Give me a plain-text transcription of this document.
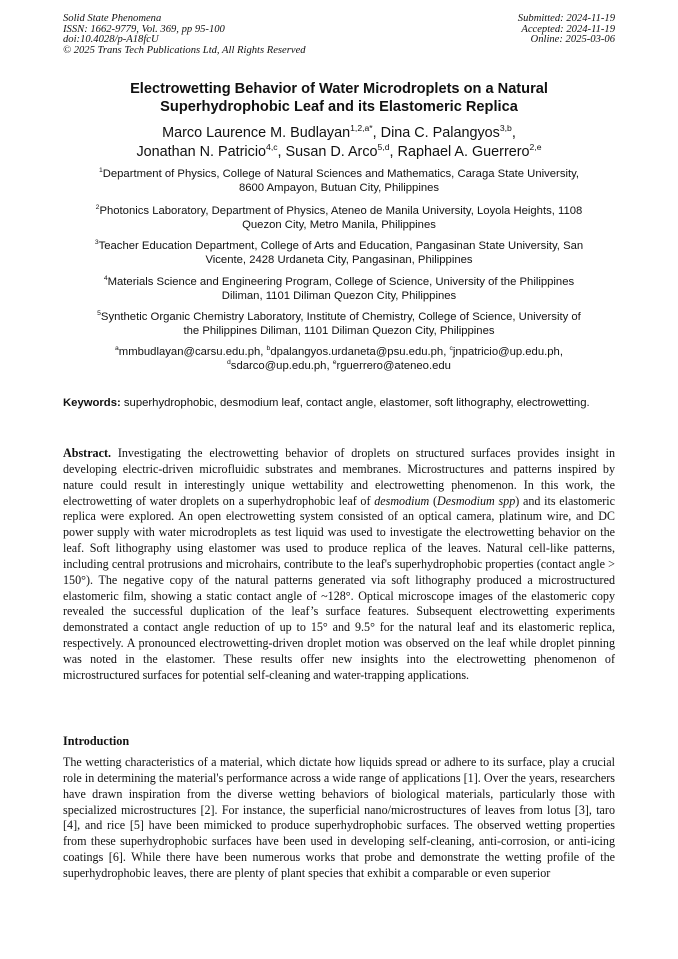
Solid State Phenomena
ISSN: 1662-9779, Vol. 369, pp 95-100
doi:10.4028/p-A18fcU
© 2025 Trans Tech Publications Ltd, All Rights Reserved
Submitted: 2024-11-19
Accepted: 2024-11-19
Online: 2025-03-06
Electrowetting Behavior of Water Microdroplets on a Natural
Superhydrophobic Leaf and its Elastomeric Replica
Marco Laurence M. Budlayan$^{1,2,a*}$, Dina C. Palangyos$^{3,b}$,
Jonathan N. Patricio$^{4,c}$, Susan D. Arco$^{5,d}$, Raphael A. Guerrero$^{2,e}$
$^1$Department of Physics, College of Natural Sciences and Mathematics, Caraga State University,
8600 Ampayon, Butuan City, Philippines
$^2$Photonics Laboratory, Department of Physics, Ateneo de Manila University, Loyola Heights, 1108
Quezon City, Metro Manila, Philippines
$^3$Teacher Education Department, College of Arts and Education, Pangasinan State University, San
Vicente, 2428 Urdaneta City, Pangasinan, Philippines
$^4$Materials Science and Engineering Program, College of Science, University of the Philippines
Diliman, 1101 Diliman Quezon City, Philippines
$^5$Synthetic Organic Chemistry Laboratory, Institute of Chemistry, College of Science, University of
the Philippines Diliman, 1101 Diliman Quezon City, Philippines
$^a$mmbudlayan@carsu.edu.ph, $^b$dpalangyos.urdaneta@psu.edu.ph, $^c$jnpatricio@up.edu.ph,
$^d$sdarco@up.edu.ph, $^e$rguerrero@ateneo.edu
Keywords: superhydrophobic, desmodium leaf, contact angle, elastomer, soft lithography, electrowetting.
Abstract. Investigating the electrowetting behavior of droplets on structured surfaces provides insight in developing electric-driven microfluidic substrates and membranes. Microstructures and patterns inspired by nature could result in interestingly unique wettability and electrowetting phenomenon. In this work, the electrowetting of water droplets on a superhydrophobic leaf of desmodium (Desmodium spp) and its elastomeric replica were explored. An open electrowetting system consisted of an optical camera, platinum wire, and DC power supply with water microdroplets as test liquid was used to investigate the electrowetting behavior on the leaf. Soft lithography using elastomer was used to produce replica of the leaves. Natural cell-like patterns, including central protrusions and microhairs, contribute to the leaf's superhydrophobic properties (contact angle > 150°). The negative copy of the natural patterns generated via soft lithography produced a microstructured elastomeric film, showing a static contact angle of ~128°. Optical microscope images of the elastomeric copy revealed the successful duplication of the leaf’s surface features. Subsequent electrowetting experiments demonstrated a contact angle reduction of up to 15° and 9.5° for the natural leaf and its elastomeric replica, respectively. A pronounced electrowetting-driven droplet motion was observed on the leaf while droplet pinning was noted in the elastomer. These results offer new insights into the electrowetting phenomenon of microstructured surfaces for potential self-cleaning and water-trapping applications.
Introduction
The wetting characteristics of a material, which dictate how liquids spread or adhere to its surface, play a crucial role in determining the material's performance across a wide range of applications [1]. Over the years, researchers have drawn inspiration from the diverse wetting behaviors of biological materials, particularly those with specialized microstructures [2]. For instance, the superficial nano/microstructures of leaves from lotus [3], taro [4], and rice [5] have been mimicked to produce superhydrophobic surfaces. The observed wetting properties from these superhydrophobic surfaces have been used in developing self-cleaning, anti-corrosion, or anti-icing coatings [6]. While there have been numerous works that probe and demonstrate the wetting profile of the superhydrophobic leaves, there are plenty of plant species that exhibit a comparable or even superior
